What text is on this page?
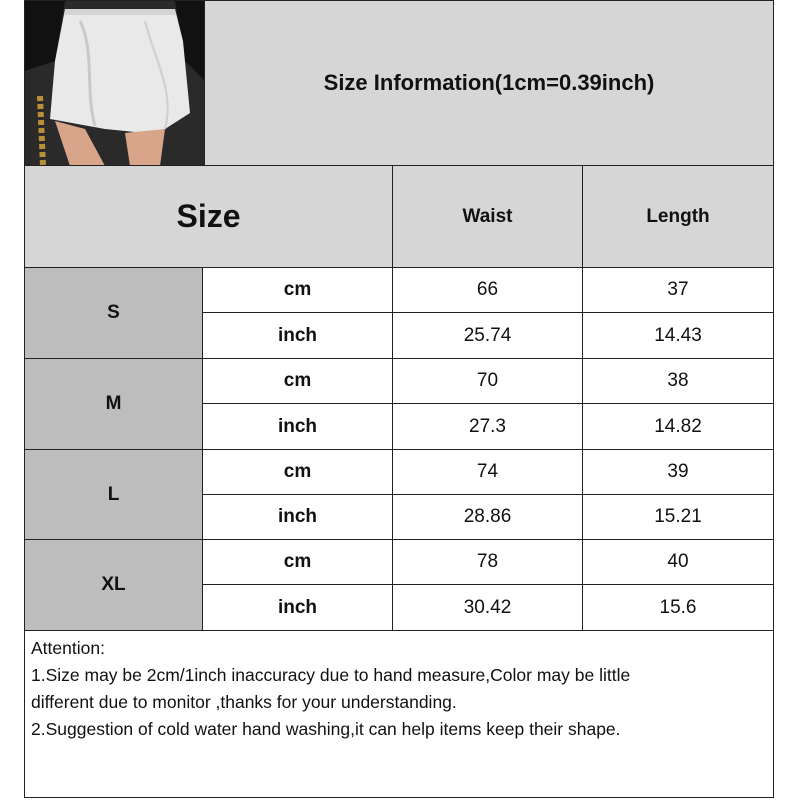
Size Information(1cm=0.39inch)
Size	Waist	Length
S
cm	66	37
inch	25.74	14.43
M
cm	70	38
inch	27.3	14.82
L
cm	74	39
inch	28.86	15.21
XL
cm	78	40
inch	30.42	15.6
Attention:
1.Size may be 2cm/1inch inaccuracy due to hand measure,Color may be little
different due to monitor ,thanks for your understanding.
2.Suggestion of cold water hand washing,it can help items keep their shape.
